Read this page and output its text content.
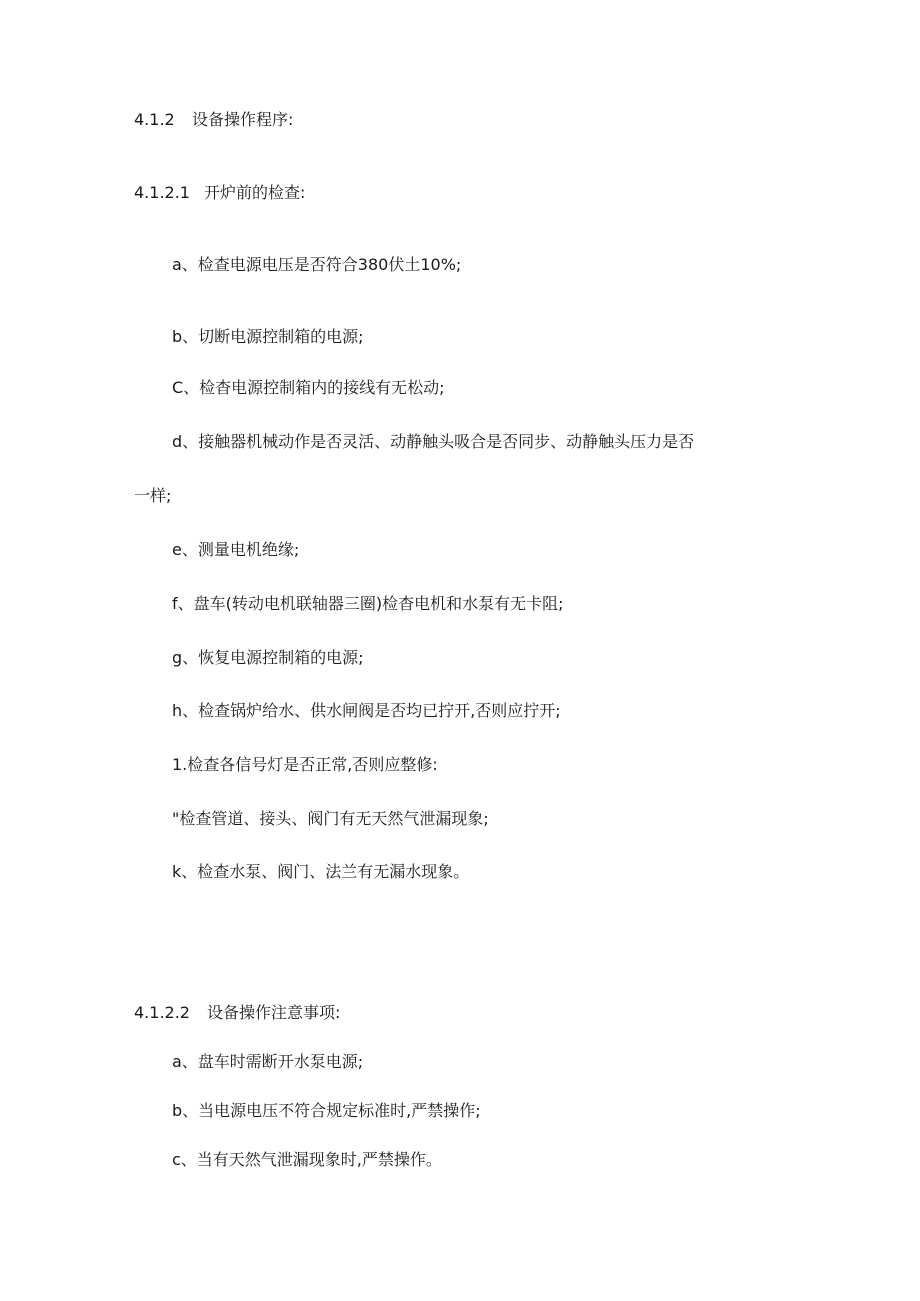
4.1.2 设备操作程序:
4.1.2.1 开炉前的检查:
a、检查电源电压是否符合380伏土10%;
b、切断电源控制箱的电源;
C、检杳电源控制箱内的接线有无松动;
d、接触器机械动作是否灵活、动静触头吸合是否同步、动静触头压力是否
一样;
e、测量电机绝缘;
f、盘车(转动电机联轴器三圈)检杳电机和水泵有无卡阻;
g、恢复电源控制箱的电源;
h、检查锅炉给水、供水闸阀是否均已拧开,否则应拧开;
1.检查各信号灯是否正常,否则应整修:
"检查管道、接头、阀门有无天然气泄漏现象;
k、检查水泵、阀门、法兰有无漏水现象。
4.1.2.2 设备操作注意事项:
a、盘车时需断开水泵电源;
b、当电源电压不符合规定标准时,严禁操作;
c、当有天然气泄漏现象时,严禁操作。
